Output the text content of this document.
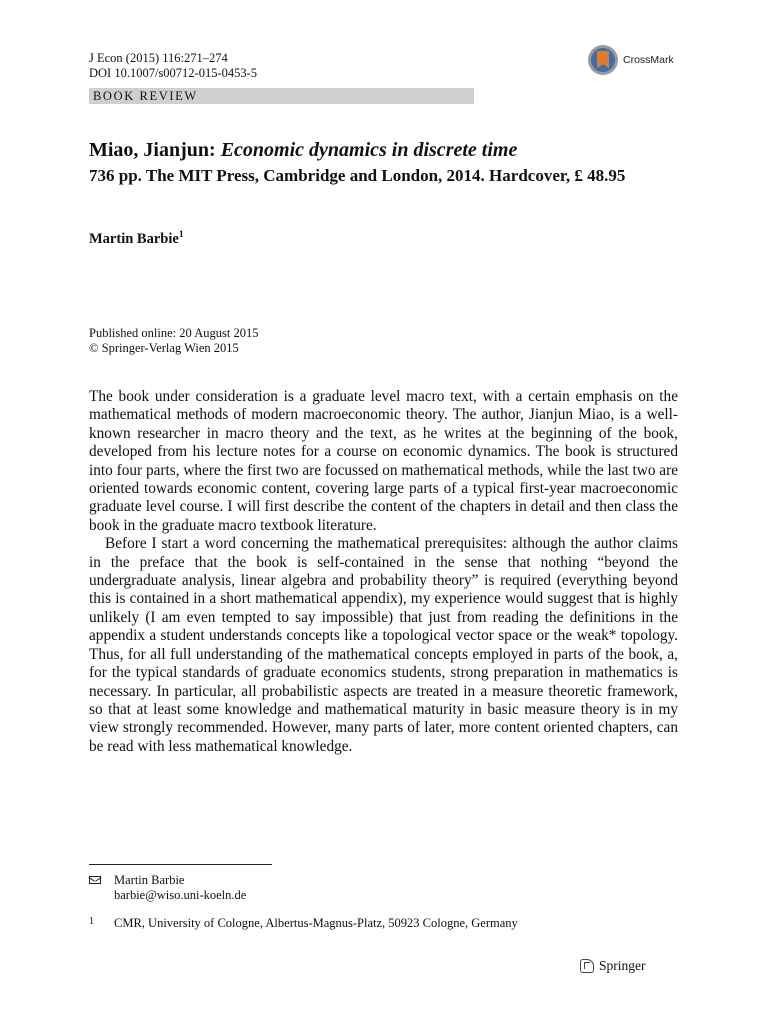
J Econ (2015) 116:271–274
DOI 10.1007/s00712-015-0453-5
CrossMark
BOOK REVIEW
Miao, Jianjun: Economic dynamics in discrete time
736 pp. The MIT Press, Cambridge and London, 2014. Hardcover, £ 48.95
Martin Barbie$^1$
Published online: 20 August 2015
© Springer-Verlag Wien 2015

The book under consideration is a graduate level macro text, with a certain emphasis on the mathematical methods of modern macroeconomic theory. The author, Jianjun Miao, is a well-known researcher in macro theory and the text, as he writes at the beginning of the book, developed from his lecture notes for a course on economic dynamics. The book is structured into four parts, where the first two are focussed on mathematical methods, while the last two are oriented towards economic content, covering large parts of a typical first-year macroeconomic graduate level course. I will first describe the content of the chapters in detail and then class the book in the graduate macro textbook literature.

Before I start a word concerning the mathematical prerequisites: although the author claims in the preface that the book is self-contained in the sense that nothing “beyond the undergraduate analysis, linear algebra and probability theory” is required (everything beyond this is contained in a short mathematical appendix), my experience would suggest that is highly unlikely (I am even tempted to say impossible) that just from reading the definitions in the appendix a student understands concepts like a topological vector space or the weak* topology. Thus, for all full understanding of the mathematical concepts employed in parts of the book, a, for the typical standards of graduate economics students, strong preparation in mathematics is necessary. In particular, all probabilistic aspects are treated in a measure theoretic framework, so that at least some knowledge and mathematical maturity in basic measure theory is in my view strongly recommended. However, many parts of later, more content oriented chapters, can be read with less mathematical knowledge.

Martin Barbie
barbie@wiso.uni-koeln.de
1 CMR, University of Cologne, Albertus-Magnus-Platz, 50923 Cologne, Germany
Springer
